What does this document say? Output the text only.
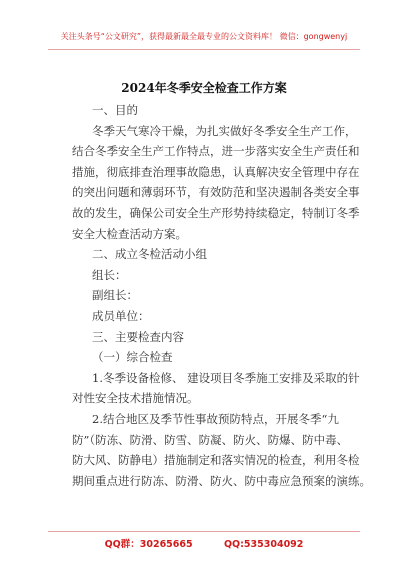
关注头条号“公文研究”，获得最新最全最专业的公文资料库！ 微信：gongwenyj
2024年冬季安全检查工作方案
一、目的
冬季天气寒冷干燥，为扎实做好冬季安全生产工作，
结合冬季安全生产工作特点，进一步落实安全生产责任和
措施，彻底排查治理事故隐患，认真解决安全管理中存在
的突出问题和薄弱环节，有效防范和坚决遏制各类安全事
故的发生，确保公司安全生产形势持续稳定，特制订冬季
安全大检查活动方案。
二、成立冬检活动小组
组长：
副组长：
成员单位：
三、主要检查内容
（一）综合检查
1.冬季设备检修、 建设项目冬季施工安排及采取的针
对性安全技术措施情况。
2.结合地区及季节性事故预防特点，开展冬季“九
防”（防冻、防滑、防雪、防凝、防火、防爆、防中毒、
防大风、防静电）措施制定和落实情况的检查，利用冬检
期间重点进行防冻、防滑、防火、防中毒应急预案的演练。
QQ群：30265665	QQ:535304092
